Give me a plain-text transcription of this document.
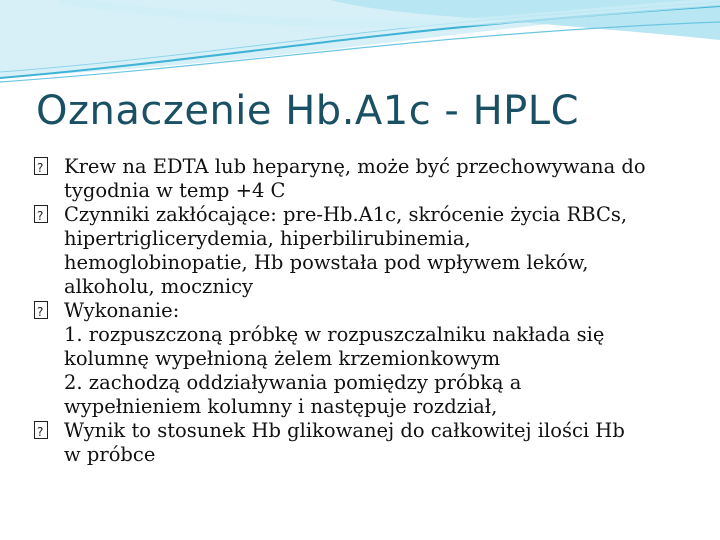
Oznaczenie Hb.A1c - HPLC
?
Krew na EDTA lub heparynę, może być przechowywana do
tygodnia w temp +4 C
?
Czynniki zakłócające: pre-Hb.A1c, skrócenie życia RBCs,
hipertriglicerydemia, hiperbilirubinemia,
hemoglobinopatie, Hb powstała pod wpływem leków,
alkoholu, mocznicy
?
Wykonanie:
1. rozpuszczoną próbkę w rozpuszczalniku nakłada się
kolumnę wypełnioną żelem krzemionkowym
2. zachodzą oddziaływania pomiędzy próbką a
wypełnieniem kolumny i następuje rozdział,
?
Wynik to stosunek Hb glikowanej do całkowitej ilości Hb
w próbce
